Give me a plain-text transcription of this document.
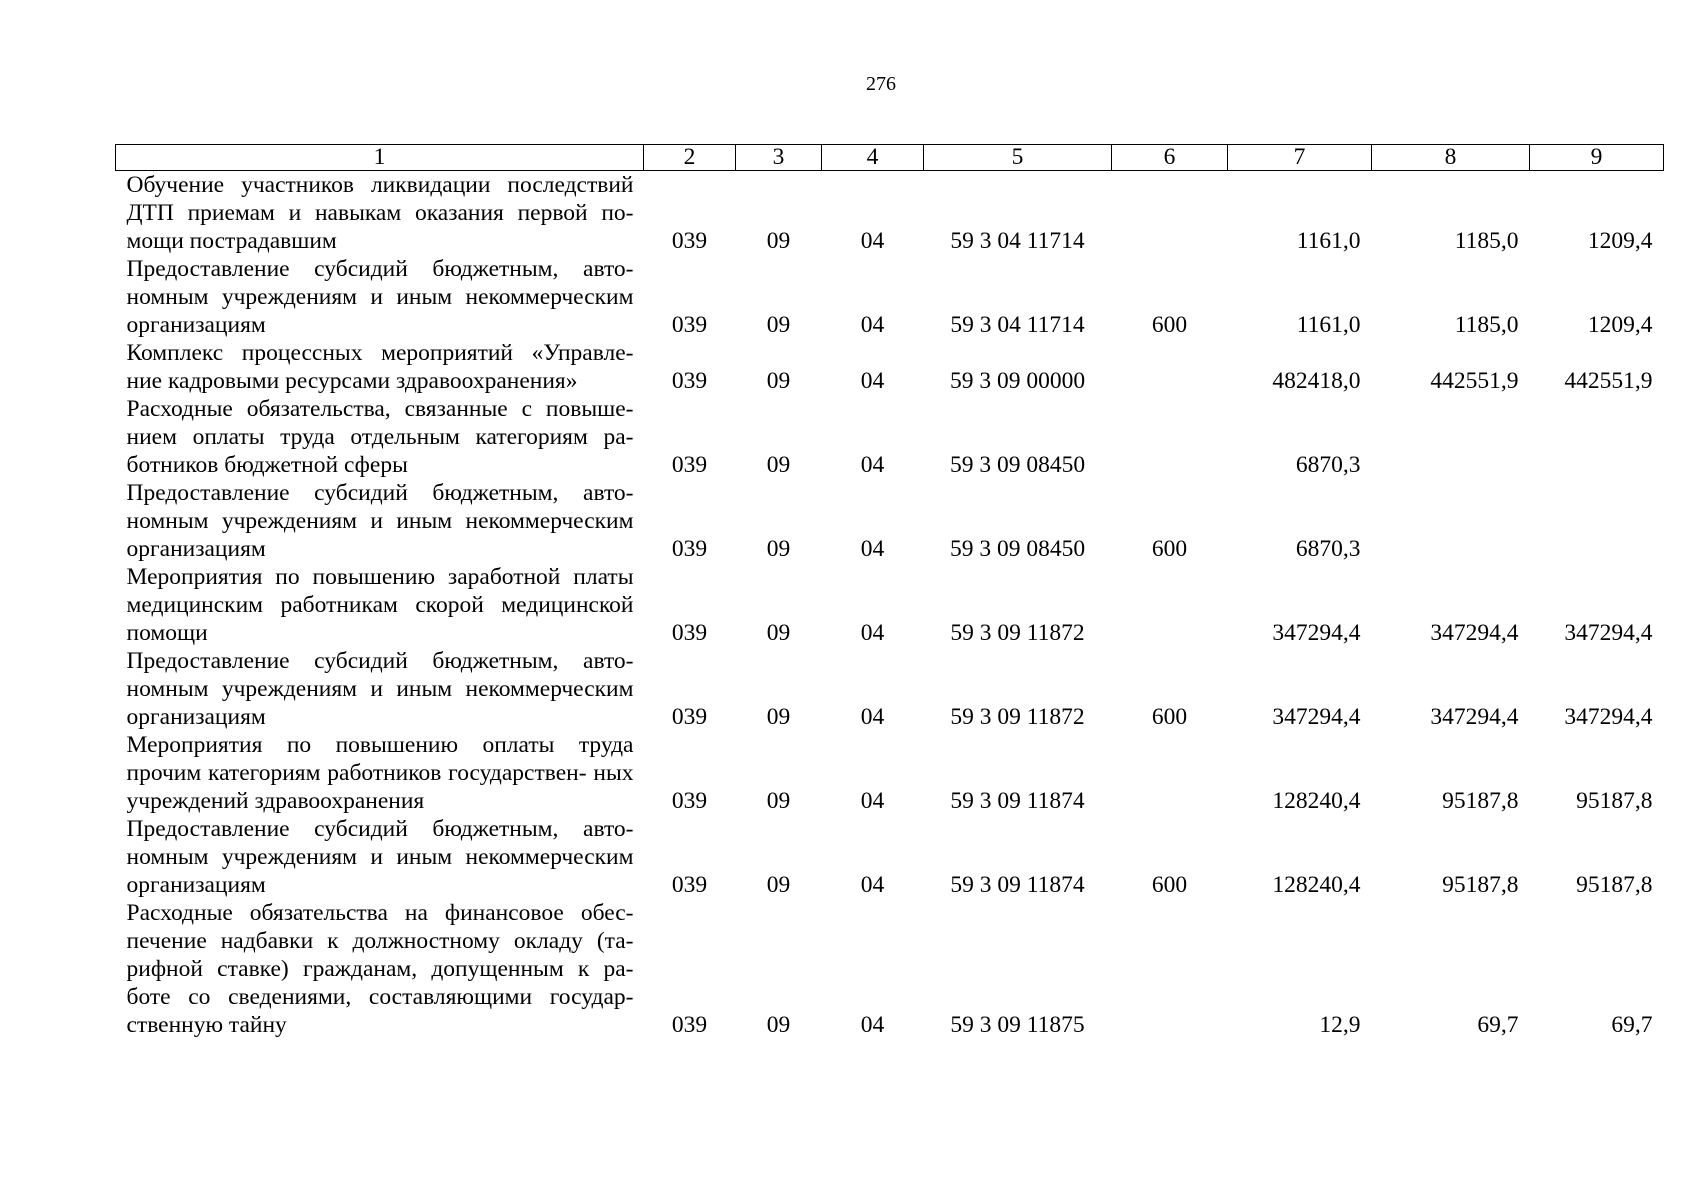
276
1	2	3	4	5	6	7	8	9
Обучение участников ликвидации последствий ДТП приемам и навыкам оказания первой по- мощи пострадавшим	039	09	04	59 3 04 11714		1161,0	1185,0	1209,4
Предоставление субсидий бюджетным, авто- номным учреждениям и иным некоммерческим организациям	039	09	04	59 3 04 11714	600	1161,0	1185,0	1209,4
Комплекс процессных мероприятий «Управле- ние кадровыми ресурсами здравоохранения»	039	09	04	59 3 09 00000		482418,0	442551,9	442551,9
Расходные обязательства, связанные с повыше- нием оплаты труда отдельным категориям ра- ботников бюджетной сферы	039	09	04	59 3 09 08450		6870,3		
Предоставление субсидий бюджетным, авто- номным учреждениям и иным некоммерческим организациям	039	09	04	59 3 09 08450	600	6870,3		
Мероприятия по повышению заработной платы медицинским работникам скорой медицинской помощи	039	09	04	59 3 09 11872		347294,4	347294,4	347294,4
Предоставление субсидий бюджетным, авто- номным учреждениям и иным некоммерческим организациям	039	09	04	59 3 09 11872	600	347294,4	347294,4	347294,4
Мероприятия по повышению оплаты труда прочим категориям работников государствен- ных учреждений здравоохранения	039	09	04	59 3 09 11874		128240,4	95187,8	95187,8
Предоставление субсидий бюджетным, авто- номным учреждениям и иным некоммерческим организациям	039	09	04	59 3 09 11874	600	128240,4	95187,8	95187,8
Расходные обязательства на финансовое обес- печение надбавки к должностному окладу (та- рифной ставке) гражданам, допущенным к ра- боте со сведениями, составляющими государ- ственную тайну	039	09	04	59 3 09 11875		12,9	69,7	69,7
